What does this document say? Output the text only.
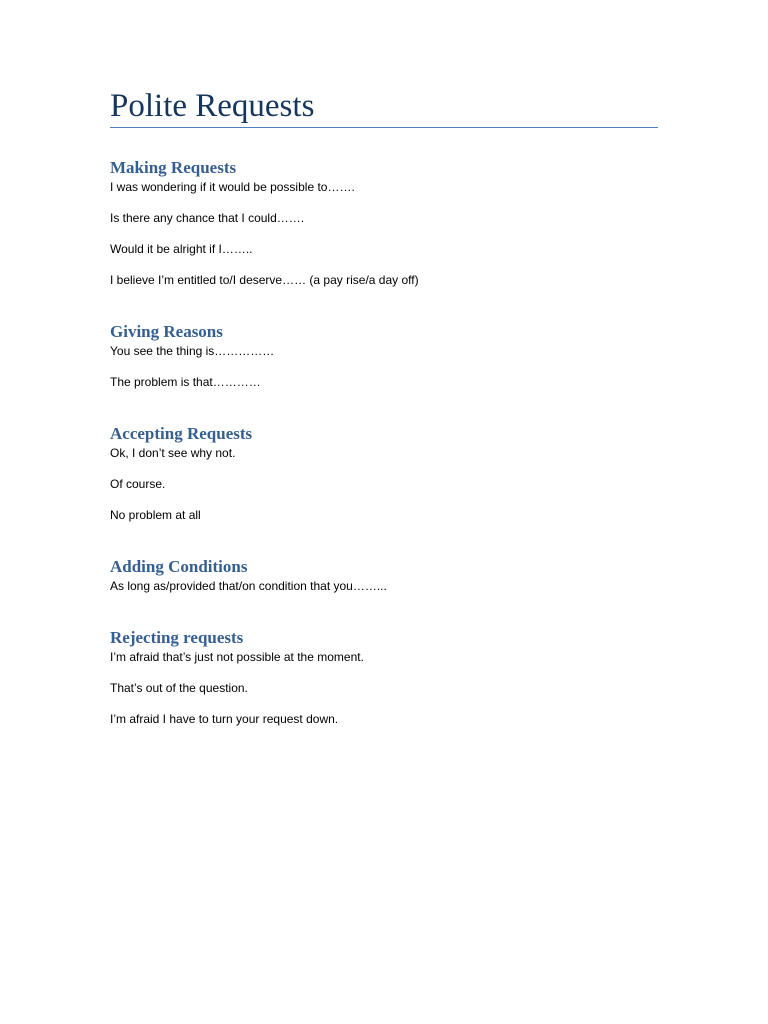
Polite Requests
Making Requests

I was wondering if it would be possible to…….

Is there any chance that I could…….

Would it be alright if I……..

I believe I’m entitled to/I deserve…… (a pay rise/a day off)

Giving Reasons

You see the thing is……………

The problem is that…………

Accepting Requests

Ok, I don’t see why not.

Of course.

No problem at all

Adding Conditions

As long as/provided that/on condition that you……...

Rejecting requests

I’m afraid that’s just not possible at the moment.

That’s out of the question.

I’m afraid I have to turn your request down.
